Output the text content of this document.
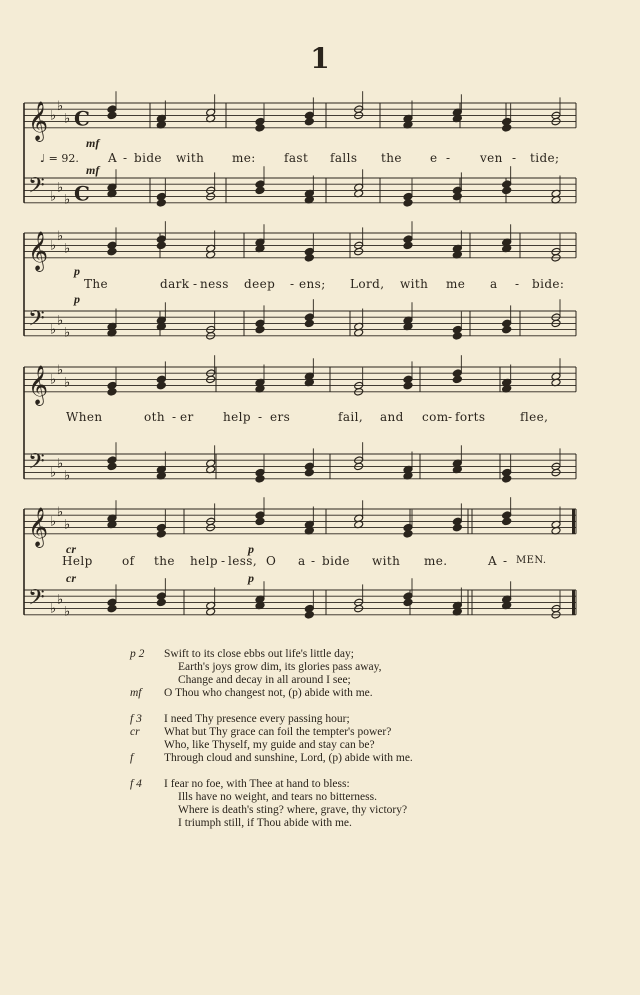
1
𝄞 ♭
♭
♭ C
𝄢 ♭
♭
♭ C
𝄞 ♭
♭
♭
𝄢 ♭
♭
♭
𝄞 ♭
♭
♭
𝄢 ♭
♭
♭
𝄞 ♭
♭
♭
𝄢 ♭
♭
♭
♩ = 92.
mf
mf
p
p
cr	p
cr	p
A - bide with me: fast falls the e - ven - tide;
The	dark - ness deep - ens; Lord, with me a - bide:
When	oth - er help - ers	fail, and com - forts	flee,
Help of the help - less, O a - bide with me.	A - MEN.
p 2	Swift to its close ebbs out life's little day;
Earth's joys grow dim, its glories pass away,
Change and decay in all around I see;
mf	O Thou who changest not, (p) abide with me.
f 3	I need Thy presence every passing hour;
cr	What but Thy grace can foil the tempter's power?
Who, like Thyself, my guide and stay can be?
f	Through cloud and sunshine, Lord, (p) abide with me.
f 4	I fear no foe, with Thee at hand to bless:
Ills have no weight, and tears no bitterness.
Where is death's sting? where, grave, thy victory?
I triumph still, if Thou abide with me.
